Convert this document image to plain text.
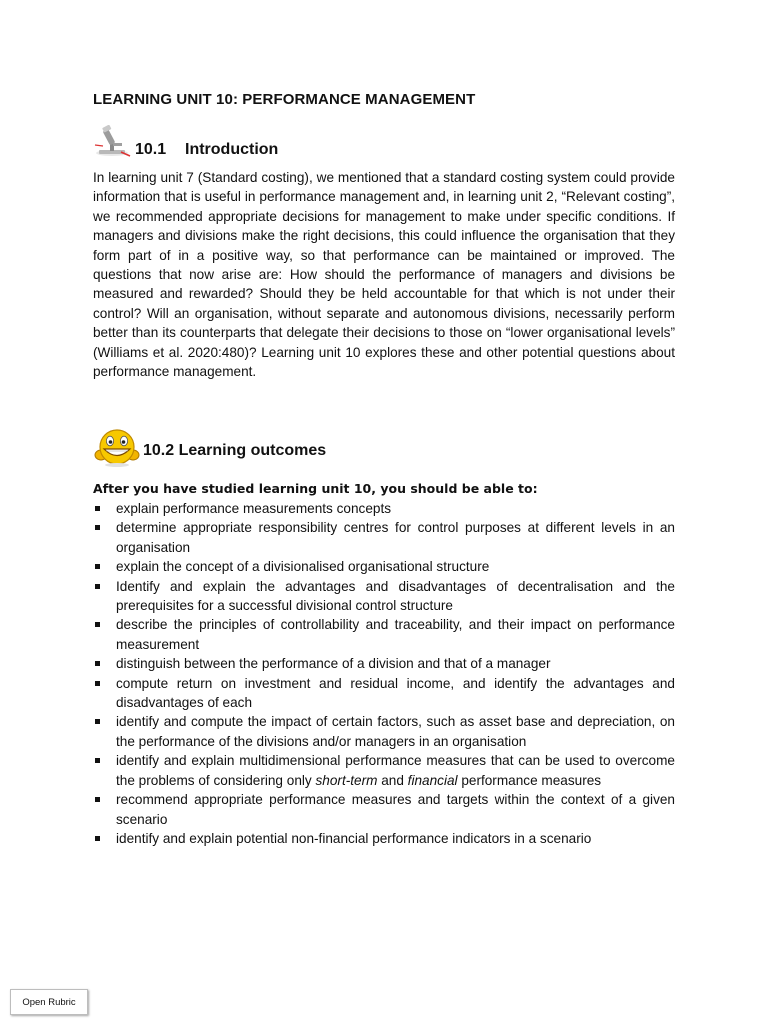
LEARNING UNIT 10: PERFORMANCE MANAGEMENT
10.1 Introduction

In learning unit 7 (Standard costing), we mentioned that a standard costing system could provide information that is useful in performance management and, in learning unit 2, “Relevant costing”, we recommended appropriate decisions for management to make under specific conditions. If managers and divisions make the right decisions, this could influence the organisation that they form part of in a positive way, so that performance can be maintained or improved. The questions that now arise are: How should the performance of managers and divisions be measured and rewarded? Should they be held accountable for that which is not under their control? Will an organisation, without separate and autonomous divisions, necessarily perform better than its counterparts that delegate their decisions to those on “lower organisational levels” (Williams et al. 2020:480)? Learning unit 10 explores these and other potential questions about performance management.

10.2 Learning outcomes

After you have studied learning unit 10, you should be able to:

explain performance measurements concepts
determine appropriate responsibility centres for control purposes at different levels in an organisation
explain the concept of a divisionalised organisational structure
Identify and explain the advantages and disadvantages of decentralisation and the prerequisites for a successful divisional control structure
describe the principles of controllability and traceability, and their impact on performance measurement
distinguish between the performance of a division and that of a manager
compute return on investment and residual income, and identify the advantages and disadvantages of each
identify and compute the impact of certain factors, such as asset base and depreciation, on the performance of the divisions and/or managers in an organisation
identify and explain multidimensional performance measures that can be used to overcome the problems of considering only short-term and financial performance measures
recommend appropriate performance measures and targets within the context of a given scenario
identify and explain potential non-financial performance indicators in a scenario
Open Rubric
